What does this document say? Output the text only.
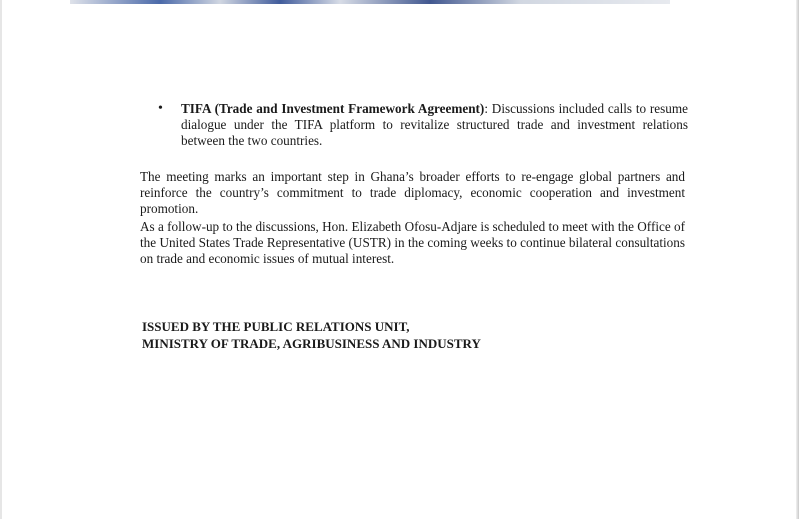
• TIFA (Trade and Investment Framework Agreement): Discussions included calls to resume dialogue under the TIFA platform to revitalize structured trade and investment relations between the two countries.

The meeting marks an important step in Ghana’s broader efforts to re-engage global partners and reinforce the country’s commitment to trade diplomacy, economic cooperation and investment promotion.

As a follow-up to the discussions, Hon. Elizabeth Ofosu-Adjare is scheduled to meet with the Office of the United States Trade Representative (USTR) in the coming weeks to continue bilateral consultations on trade and economic issues of mutual interest.

ISSUED BY THE PUBLIC RELATIONS UNIT,
MINISTRY OF TRADE, AGRIBUSINESS AND INDUSTRY
